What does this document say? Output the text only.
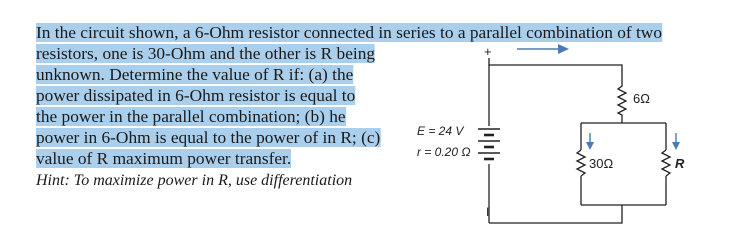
In the circuit shown, a 6-Ohm resistor connected in series to a parallel combination of two

resistors, one is 30-Ohm and the other is R being

unknown. Determine the value of R if: (a) the

power dissipated in 6-Ohm resistor is equal to

the power in the parallel combination; (b) he

power in 6-Ohm is equal to the power of in R; (c)

value of R maximum power transfer.

Hint: To maximize power in R, use differentiation

+
I
E = 24 V
r = 0.20 Ω
6Ω
30Ω	R
